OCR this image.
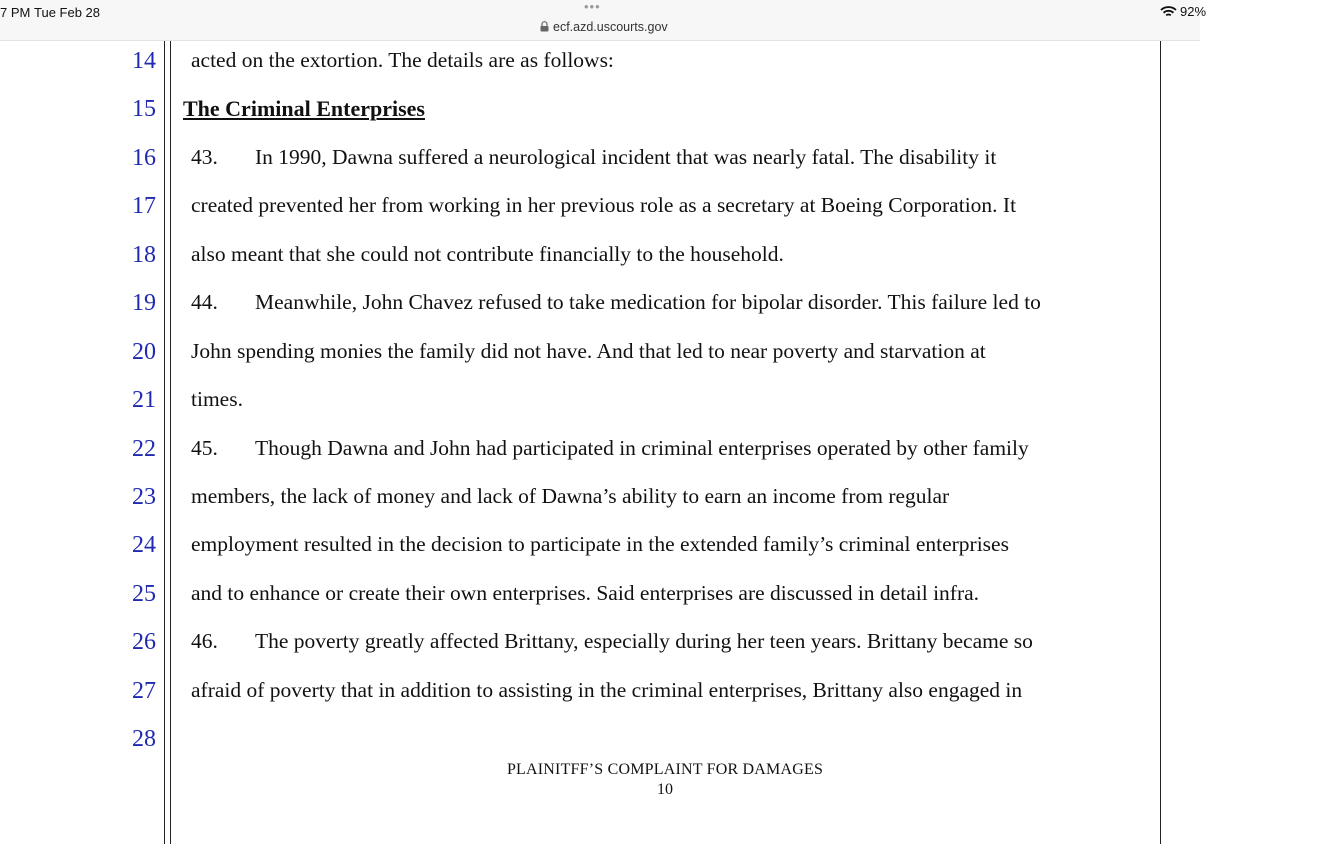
7 PM Tue Feb 28	•••
ecf.azd.uscourts.gov
92%
14
15
16
17
18
19
20
21
22
23
24
25
26
27
28
acted on the extortion. The details are as follows:
The Criminal Enterprises
43. In 1990, Dawna suffered a neurological incident that was nearly fatal. The disability it
created prevented her from working in her previous role as a secretary at Boeing Corporation. It
also meant that she could not contribute financially to the household.
44. Meanwhile, John Chavez refused to take medication for bipolar disorder. This failure led to
John spending monies the family did not have. And that led to near poverty and starvation at
times.
45. Though Dawna and John had participated in criminal enterprises operated by other family
members, the lack of money and lack of Dawna’s ability to earn an income from regular
employment resulted in the decision to participate in the extended family’s criminal enterprises
and to enhance or create their own enterprises. Said enterprises are discussed in detail infra.
46. The poverty greatly affected Brittany, especially during her teen years. Brittany became so
afraid of poverty that in addition to assisting in the criminal enterprises, Brittany also engaged in
PLAINITFF’S COMPLAINT FOR DAMAGES
10
